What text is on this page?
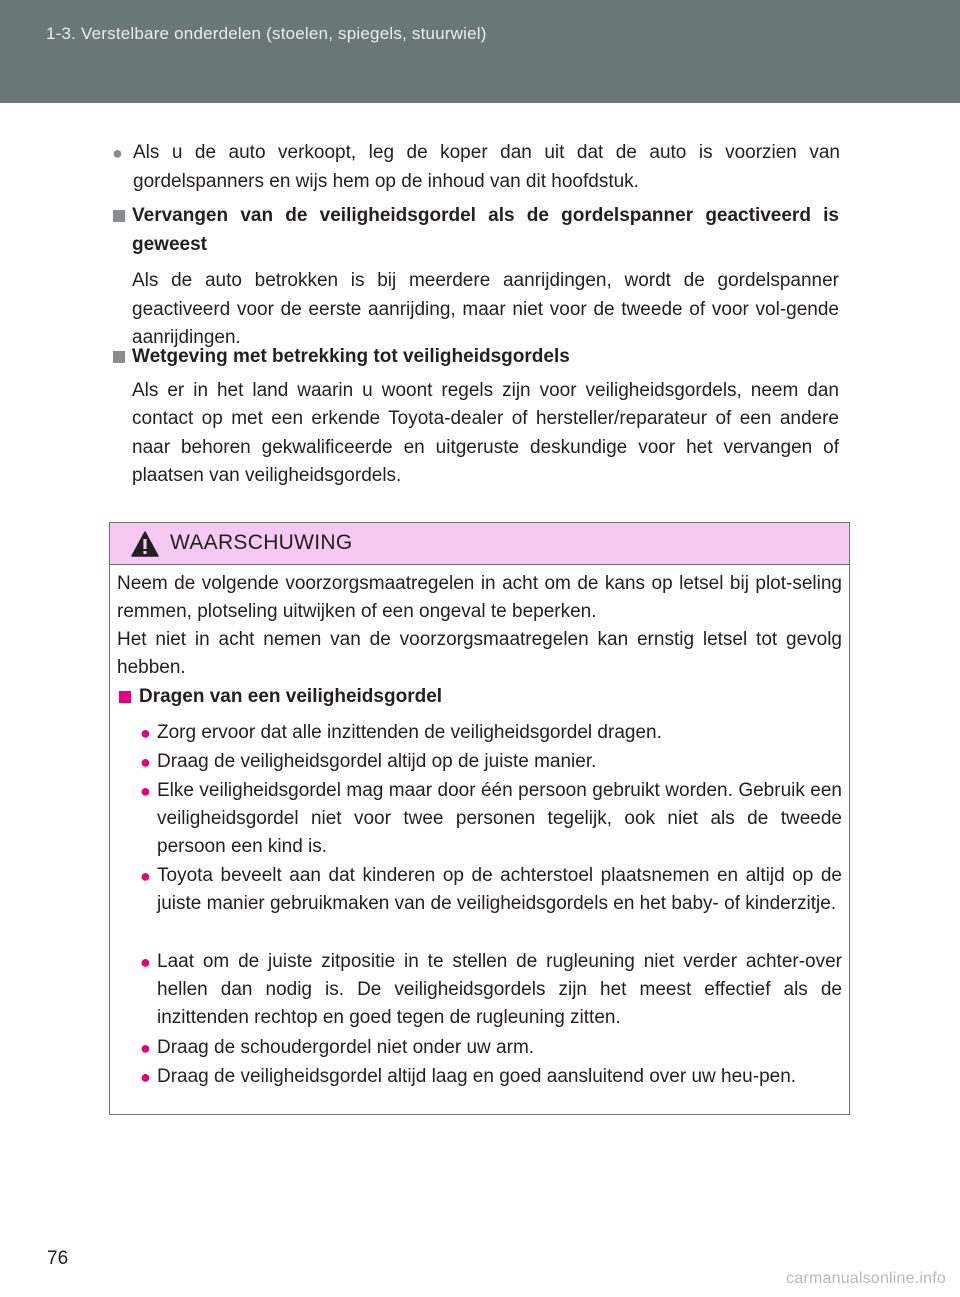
1-3. Verstelbare onderdelen (stoelen, spiegels, stuurwiel)
● Als u de auto verkoopt, leg de koper dan uit dat de auto is voorzien van gordelspanners en wijs hem op de inhoud van dit hoofdstuk.
Vervangen van de veiligheidsgordel als de gordelspanner geactiveerd is geweest
Als de auto betrokken is bij meerdere aanrijdingen, wordt de gordelspanner geactiveerd voor de eerste aanrijding, maar niet voor de tweede of voor vol-gende aanrijdingen.
Wetgeving met betrekking tot veiligheidsgordels
Als er in het land waarin u woont regels zijn voor veiligheidsgordels, neem dan contact op met een erkende Toyota-dealer of hersteller/reparateur of een andere naar behoren gekwalificeerde en uitgeruste deskundige voor het vervangen of plaatsen van veiligheidsgordels.
WAARSCHUWING
Neem de volgende voorzorgsmaatregelen in acht om de kans op letsel bij plot-seling remmen, plotseling uitwijken of een ongeval te beperken.
Het niet in acht nemen van de voorzorgsmaatregelen kan ernstig letsel tot gevolg hebben.
Dragen van een veiligheidsgordel
● Zorg ervoor dat alle inzittenden de veiligheidsgordel dragen.
● Draag de veiligheidsgordel altijd op de juiste manier.
● Elke veiligheidsgordel mag maar door één persoon gebruikt worden. Gebruik een veiligheidsgordel niet voor twee personen tegelijk, ook niet als de tweede persoon een kind is.
● Toyota beveelt aan dat kinderen op de achterstoel plaatsnemen en altijd op de juiste manier gebruikmaken van de veiligheidsgordels en het baby- of kinderzitje.
● Laat om de juiste zitpositie in te stellen de rugleuning niet verder achter-over hellen dan nodig is. De veiligheidsgordels zijn het meest effectief als de inzittenden rechtop en goed tegen de rugleuning zitten.
● Draag de schoudergordel niet onder uw arm.
● Draag de veiligheidsgordel altijd laag en goed aansluitend over uw heu-pen.
76
carmanualsonline.info
